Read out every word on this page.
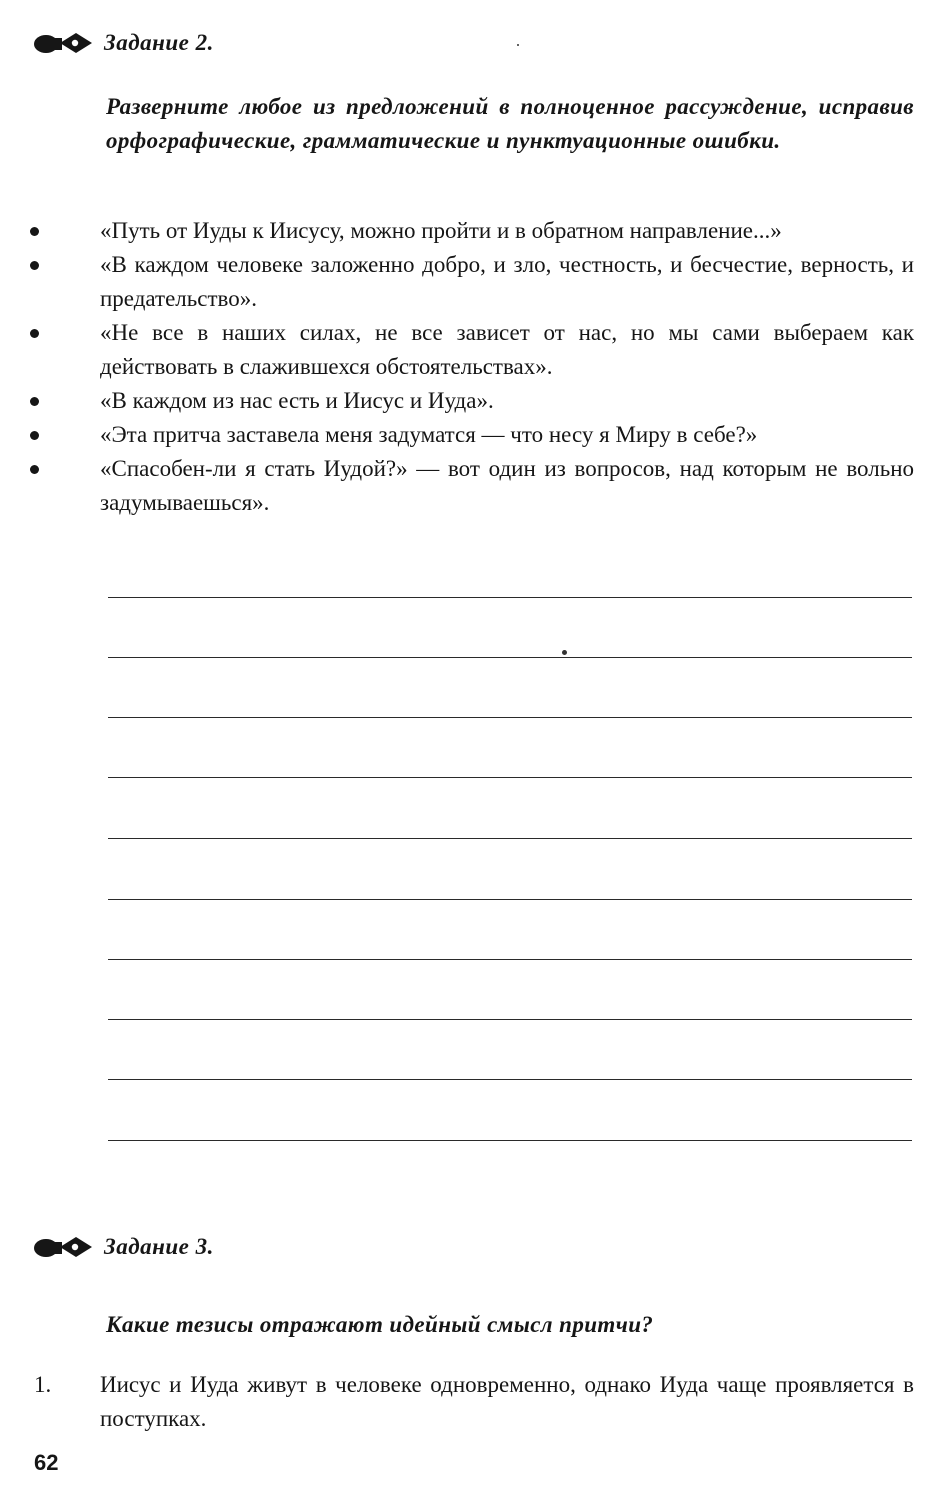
Задание 2.
Разверните любое из предложений в полноценное рассуждение, исправив орфографические, грамматические и пунктуационные ошибки.
«Путь от Иуды к Иисусу, можно пройти и в обратном направление...»
«В каждом человеке заложенно добро, и зло, честность, и бесчестие, верность, и предательство».
«Не все в наших силах, не все зависет от нас, но мы сами выбераем как действовать в слажившехся обстоятельствах».
«В каждом из нас есть и Иисус и Иуда».
«Эта притча заставела меня задуматся — что несу я Миру в себе?»
«Спасобен-ли я стать Иудой?» — вот один из вопросов, над которым не вольно задумываешься».
Задание 3.
Какие тезисы отражают идейный смысл притчи?
1. Иисус и Иуда живут в человеке одновременно, однако Иуда чаще проявляется в поступках.
62
